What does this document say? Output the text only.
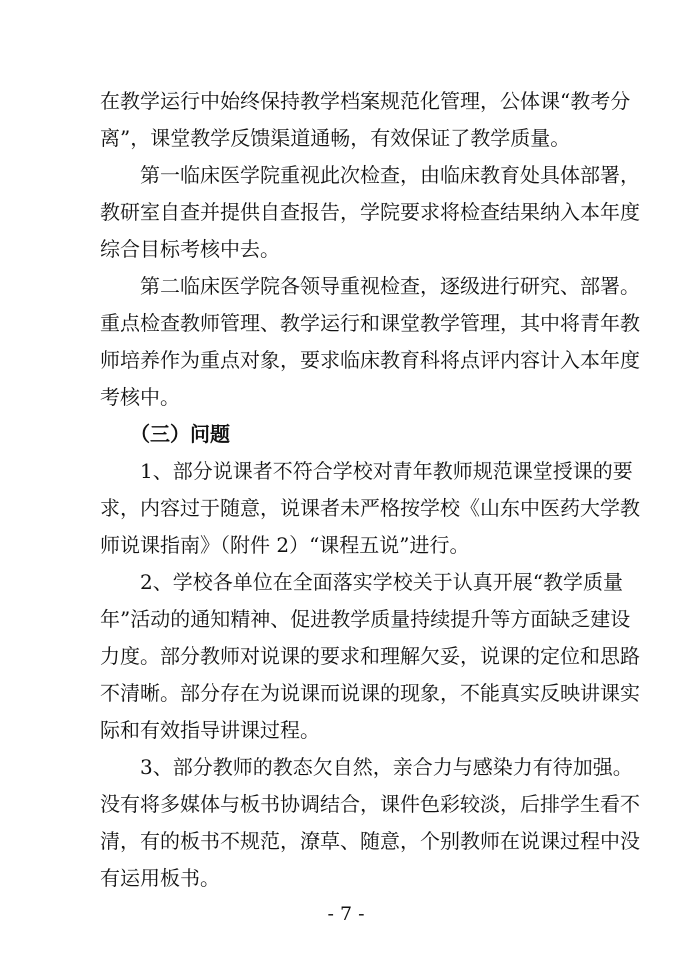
在教学运行中始终保持教学档案规范化管理，公体课“教考分
离”，课堂教学反馈渠道通畅，有效保证了教学质量。
第一临床医学院重视此次检查，由临床教育处具体部署，
教研室自查并提供自查报告，学院要求将检查结果纳入本年度
综合目标考核中去。
第二临床医学院各领导重视检查，逐级进行研究、部署。
重点检查教师管理、教学运行和课堂教学管理，其中将青年教
师培养作为重点对象，要求临床教育科将点评内容计入本年度
考核中。
（三）问题
1、部分说课者不符合学校对青年教师规范课堂授课的要
求，内容过于随意，说课者未严格按学校《山东中医药大学教
师说课指南》（附件 2）“课程五说”进行。
2、学校各单位在全面落实学校关于认真开展“教学质量
年”活动的通知精神、促进教学质量持续提升等方面缺乏建设
力度。部分教师对说课的要求和理解欠妥，说课的定位和思路
不清晰。部分存在为说课而说课的现象，不能真实反映讲课实
际和有效指导讲课过程。
3、部分教师的教态欠自然，亲合力与感染力有待加强。
没有将多媒体与板书协调结合，课件色彩较淡，后排学生看不
清，有的板书不规范，潦草、随意，个别教师在说课过程中没
有运用板书。
- 7 -
